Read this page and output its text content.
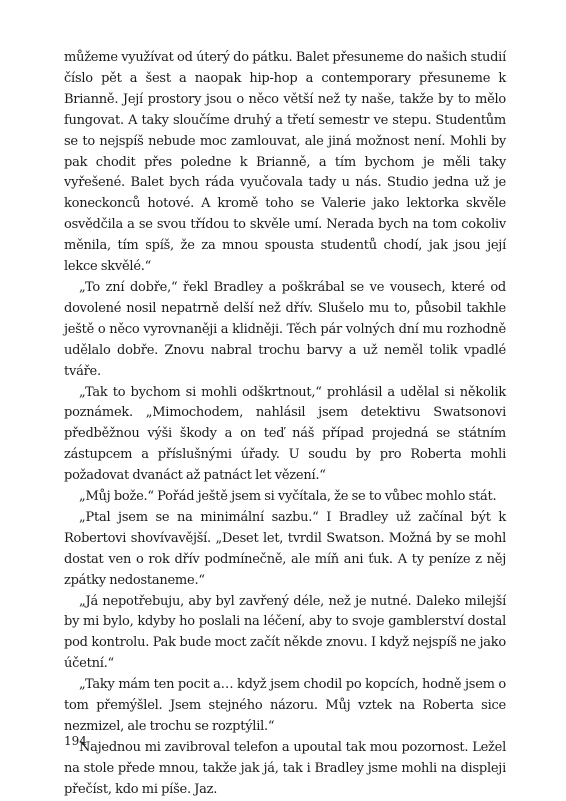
můžeme využívat od úterý do pátku. Balet přesuneme do našich studií číslo pět a šest a naopak hip-hop a contemporary přesuneme k Brianně. Její prostory jsou o něco větší než ty naše, takže by to mělo fungovat. A taky sloučíme druhý a třetí semestr ve stepu. Studentům se to nejspíš nebude moc zamlouvat, ale jiná možnost není. Mohli by pak chodit přes poledne k Brianně, a tím bychom je měli taky vyřešené. Balet bych ráda vyučovala tady u nás. Studio jedna už je koneckonců hotové. A kromě toho se Valerie jako lektorka skvěle osvědčila a se svou třídou to skvěle umí. Nerada bych na tom cokoliv měnila, tím spíš, že za mnou spousta studentů chodí, jak jsou její lekce skvělé.“

„To zní dobře,“ řekl Bradley a poškrábal se ve vousech, které od dovolené nosil nepatrně delší než dřív. Slušelo mu to, působil takhle ještě o něco vyrovnaněji a klidněji. Těch pár volných dní mu rozhodně udělalo dobře. Znovu nabral trochu barvy a už neměl tolik vpadlé tváře.

„Tak to bychom si mohli odškrtnout,“ prohlásil a udělal si několik poznámek. „Mimochodem, nahlásil jsem detektivu Swatsonovi předběžnou výši škody a on teď náš případ projedná se státním zástupcem a příslušnými úřady. U soudu by pro Roberta mohli požadovat dvanáct až patnáct let vězení.“

„Můj bože.“ Pořád ještě jsem si vyčítala, že se to vůbec mohlo stát.

„Ptal jsem se na minimální sazbu.“ I Bradley už začínal být k Robertovi shovívavější. „Deset let, tvrdil Swatson. Možná by se mohl dostat ven o rok dřív podmínečně, ale míň ani ťuk. A ty peníze z něj zpátky nedostaneme.“

„Já nepotřebuju, aby byl zavřený déle, než je nutné. Daleko milejší by mi bylo, kdyby ho poslali na léčení, aby to svoje gamblerství dostal pod kontrolu. Pak bude moct začít někde znovu. I když nejspíš ne jako účetní.“

„Taky mám ten pocit a… když jsem chodil po kopcích, hodně jsem o tom přemýšlel. Jsem stejného názoru. Můj vztek na Roberta sice nezmizel, ale trochu se rozptýlil.“

Najednou mi zavibroval telefon a upoutal tak mou pozornost. Ležel na stole přede mnou, takže jak já, tak i Bradley jsme mohli na displeji přečíst, kdo mi píše. Jaz.

194
